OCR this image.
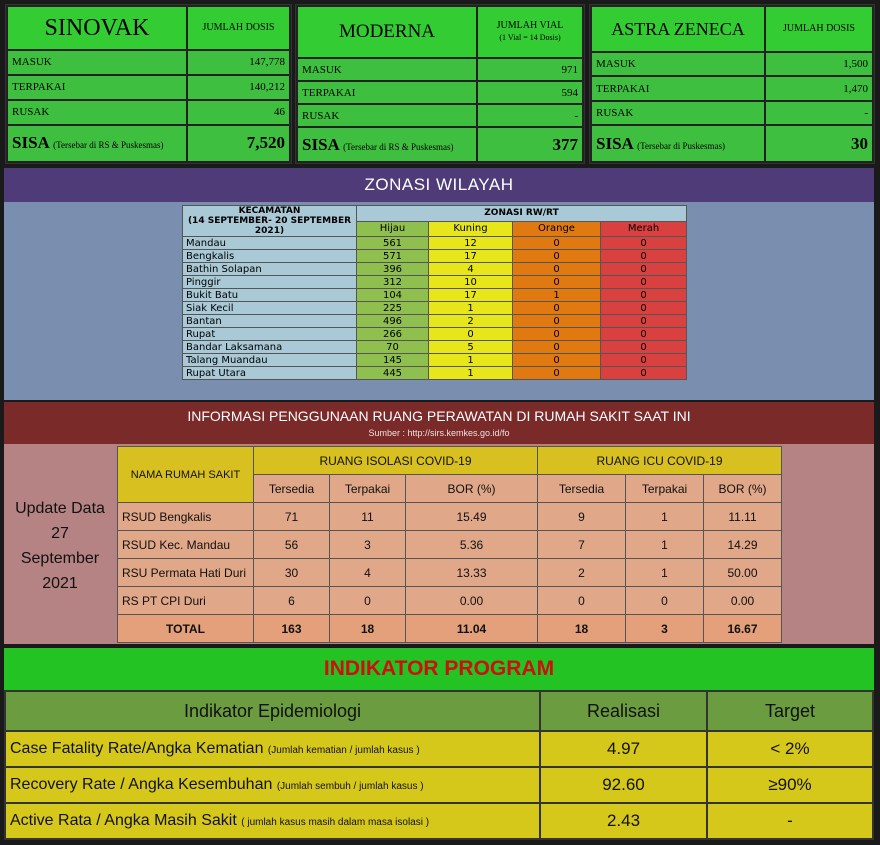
SINOVAK	JUMLAH DOSIS
MASUK	147,778
TERPAKAI	140,212
RUSAK	46
SISA (Tersebar di RS & Puskesmas)	7,520
MODERNA	JUMLAH VIAL
(1 Vial = 14 Dosis)
MASUK	971
TERPAKAI	594
RUSAK	-
SISA (Tersebar di RS & Puskesmas)	377
ASTRA ZENECA	JUMLAH DOSIS
MASUK	1,500
TERPAKAI	1,470
RUSAK	-
SISA (Tersebar di Puskesmas)	30
ZONASI WILAYAH
KECAMATAN
(14 SEPTEMBER- 20 SEPTEMBER 2021)	ZONASI RW/RT			
	Hijau	Kuning	Orange	Merah
Mandau	561	12	0	0
Bengkalis	571	17	0	0
Bathin Solapan	396	4	0	0
Pinggir	312	10	0	0
Bukit Batu	104	17	1	0
Siak Kecil	225	1	0	0
Bantan	496	2	0	0
Rupat	266	0	0	0
Bandar Laksamana	70	5	0	0
Talang Muandau	145	1	0	0
Rupat Utara	445	1	0	0
INFORMASI PENGGUNAAN RUANG PERAWATAN DI RUMAH SAKIT SAAT INI
Sumber : http://sirs.kemkes.go.id/fo
Update Data
27
September
2021
NAMA RUMAH SAKIT	RUANG ISOLASI COVID-19			RUANG ICU COVID-19		
	Tersedia	Terpakai	BOR (%)	Tersedia	Terpakai	BOR (%)
RSUD Bengkalis	71	11	15.49	9	1	11.11
RSUD Kec. Mandau	56	3	5.36	7	1	14.29
RSU Permata Hati Duri	30	4	13.33	2	1	50.00
RS PT CPI Duri	6	0	0.00	0	0	0.00
TOTAL	163	18	11.04	18	3	16.67
INDIKATOR PROGRAM
Indikator Epidemiologi	Realisasi	Target
Case Fatality Rate/Angka Kematian (Jumlah kematian / jumlah kasus )	4.97	< 2%
Recovery Rate / Angka Kesembuhan (Jumlah sembuh / jumlah kasus )	92.60	≥90%
Active Rata / Angka Masih Sakit ( jumlah kasus masih dalam masa isolasi )	2.43	-
